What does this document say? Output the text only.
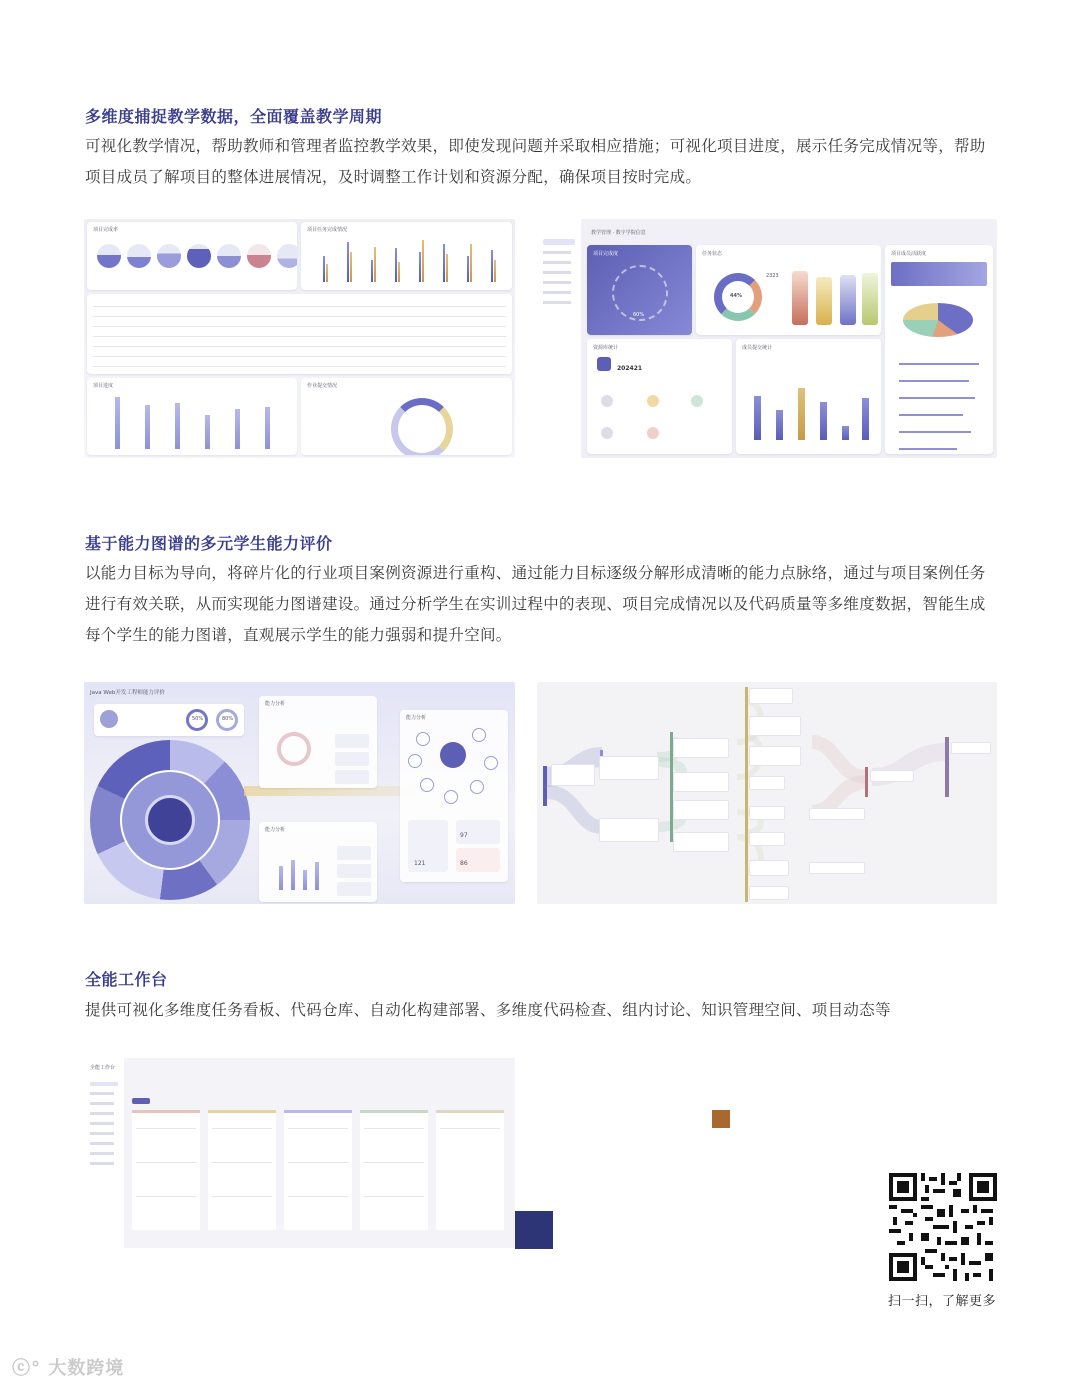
多维度捕捉教学数据，全面覆盖教学周期
可视化教学情况，帮助教师和管理者监控教学效果，即使发现问题并采取相应措施；可视化项目进度，展示任务完成情况等，帮助项目成员了解项目的整体进展情况，及时调整工作计划和资源分配，确保项目按时完成。
项目完成率	项目任务完成情况
项目进度	作业提交情况
教学管理 · 数字学院信息
项目完成度
60%
任务状态
44%
2323
项目成员活跃度
资源库统计
202421
成员提交统计
基于能力图谱的多元学生能力评价
以能力目标为导向，将碎片化的行业项目案例资源进行重构、通过能力目标逐级分解形成清晰的能力点脉络，通过与项目案例任务进行有效关联，从而实现能力图谱建设。通过分析学生在实训过程中的表现、项目完成情况以及代码质量等多维度数据，智能生成每个学生的能力图谱，直观展示学生的能力强弱和提升空间。
Java Web开发工程师能力评价
50%	80%
能力分析
能力分析
能力分析
121
97
86
全能工作台
提供可视化多维度任务看板、代码仓库、自动化构建部署、多维度代码检查、组内讨论、知识管理空间、项目动态等
全能工作台
扫一扫，了解更多
ⓒ° 大数跨境
